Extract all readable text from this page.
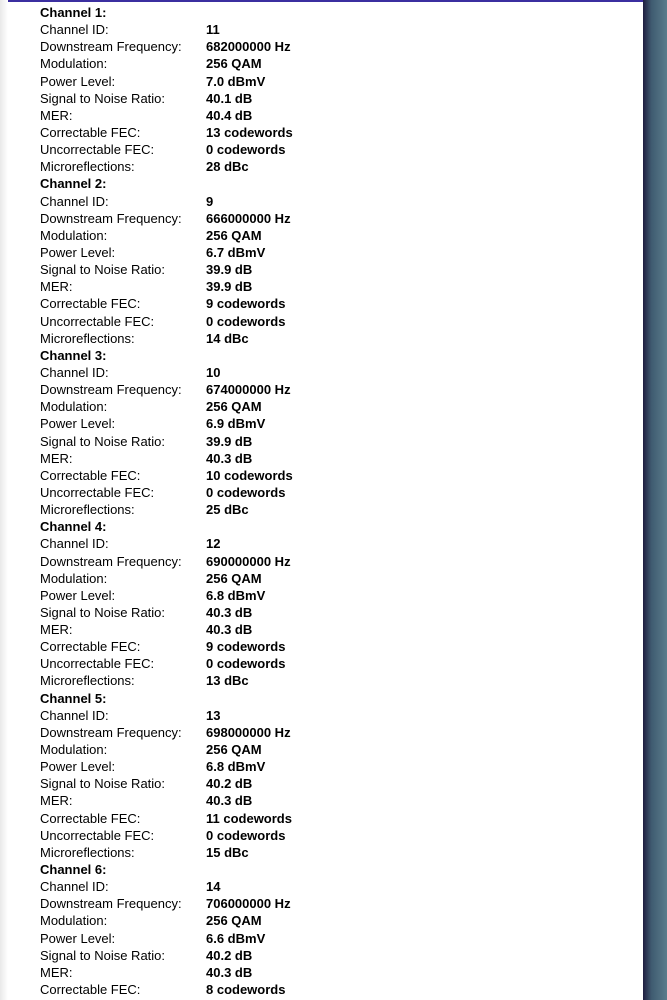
Channel 1:
Channel ID:	11
Downstream Frequency: 682000000 Hz
Modulation:	256 QAM
Power Level:	7.0 dBmV
Signal to Noise Ratio:	40.1 dB
MER:	40.4 dB
Correctable FEC:	13 codewords
Uncorrectable FEC:	0 codewords
Microreflections:	28 dBc
Channel 2:
Channel ID:	9
Downstream Frequency: 666000000 Hz
Modulation:	256 QAM
Power Level:	6.7 dBmV
Signal to Noise Ratio:	39.9 dB
MER:	39.9 dB
Correctable FEC:	9 codewords
Uncorrectable FEC:	0 codewords
Microreflections:	14 dBc
Channel 3:
Channel ID:	10
Downstream Frequency: 674000000 Hz
Modulation:	256 QAM
Power Level:	6.9 dBmV
Signal to Noise Ratio:	39.9 dB
MER:	40.3 dB
Correctable FEC:	10 codewords
Uncorrectable FEC:	0 codewords
Microreflections:	25 dBc
Channel 4:
Channel ID:	12
Downstream Frequency: 690000000 Hz
Modulation:	256 QAM
Power Level:	6.8 dBmV
Signal to Noise Ratio:	40.3 dB
MER:	40.3 dB
Correctable FEC:	9 codewords
Uncorrectable FEC:	0 codewords
Microreflections:	13 dBc
Channel 5:
Channel ID:	13
Downstream Frequency: 698000000 Hz
Modulation:	256 QAM
Power Level:	6.8 dBmV
Signal to Noise Ratio:	40.2 dB
MER:	40.3 dB
Correctable FEC:	11 codewords
Uncorrectable FEC:	0 codewords
Microreflections:	15 dBc
Channel 6:
Channel ID:	14
Downstream Frequency: 706000000 Hz
Modulation:	256 QAM
Power Level:	6.6 dBmV
Signal to Noise Ratio:	40.2 dB
MER:	40.3 dB
Correctable FEC:	8 codewords
